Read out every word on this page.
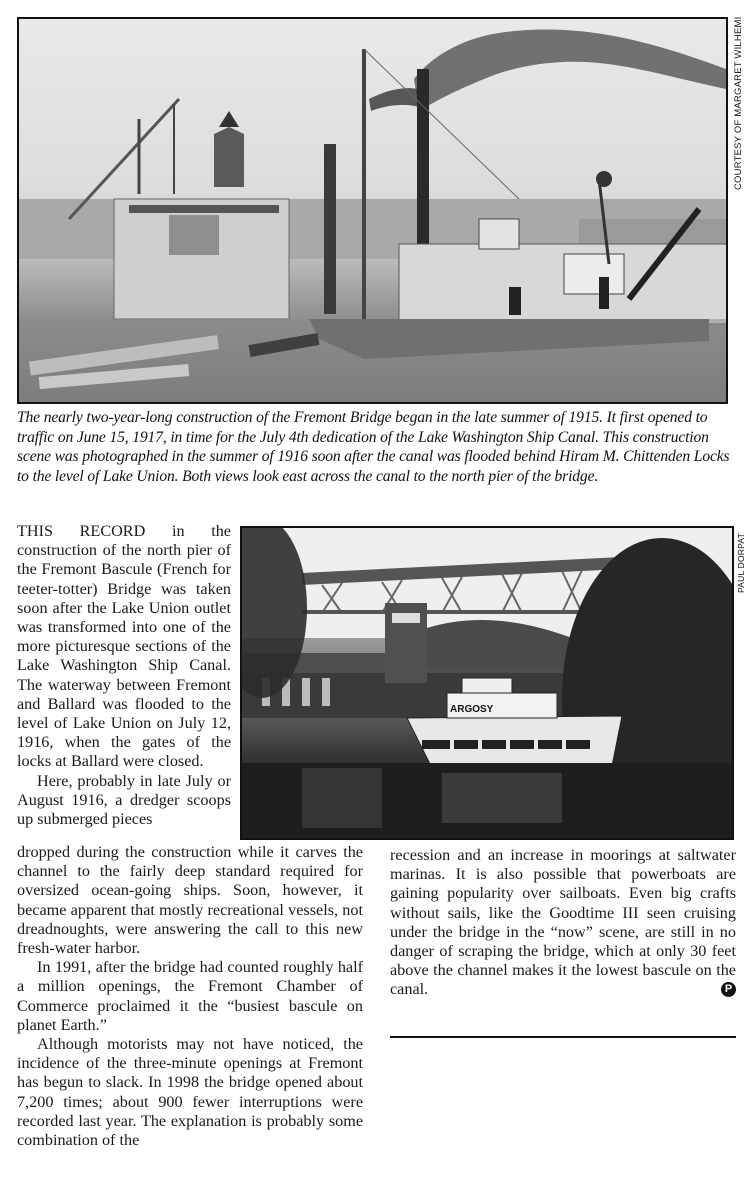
COURTESY OF MARGARET WILHEMI
The nearly two-year-long construction of the Fremont Bridge began in the late summer of 1915. It first opened to traffic on June 15, 1917, in time for the July 4th dedication of the Lake Washington Ship Canal. This construction scene was photographed in the summer of 1916 soon after the canal was flooded behind Hiram M. Chittenden Locks to the level of Lake Union. Both views look east across the canal to the north pier of the bridge.
ARGOSY
PAUL DORPAT

THIS RECORD in the construction of the north pier of the Fremont Bascule (French for teeter-totter) Bridge was taken soon after the Lake Union outlet was transformed into one of the more picturesque sections of the Lake Washington Ship Canal. The waterway between Fremont and Ballard was flooded to the level of Lake Union on July 12, 1916, when the gates of the locks at Ballard were closed.

Here, probably in late July or August 1916, a dredger scoops up submerged pieces

dropped during the construction while it carves the channel to the fairly deep standard required for oversized ocean-going ships. Soon, however, it became apparent that mostly recreational vessels, not dreadnoughts, were answering the call to this new fresh-water harbor.

In 1991, after the bridge had counted roughly half a million openings, the Fremont Chamber of Commerce proclaimed it the “busiest bascule on planet Earth.”

Although motorists may not have noticed, the incidence of the three-minute openings at Fremont has begun to slack. In 1998 the bridge opened about 7,200 times; about 900 fewer interruptions were recorded last year. The explanation is probably some combination of the

recession and an increase in moorings at saltwater marinas. It is also possible that powerboats are gaining popularity over sailboats. Even big crafts without sails, like the Goodtime III seen cruising under the bridge in the “now” scene, are still in no danger of scraping the bridge, which at only 30 feet above the channel makes it the lowest bascule on the canal.	P
